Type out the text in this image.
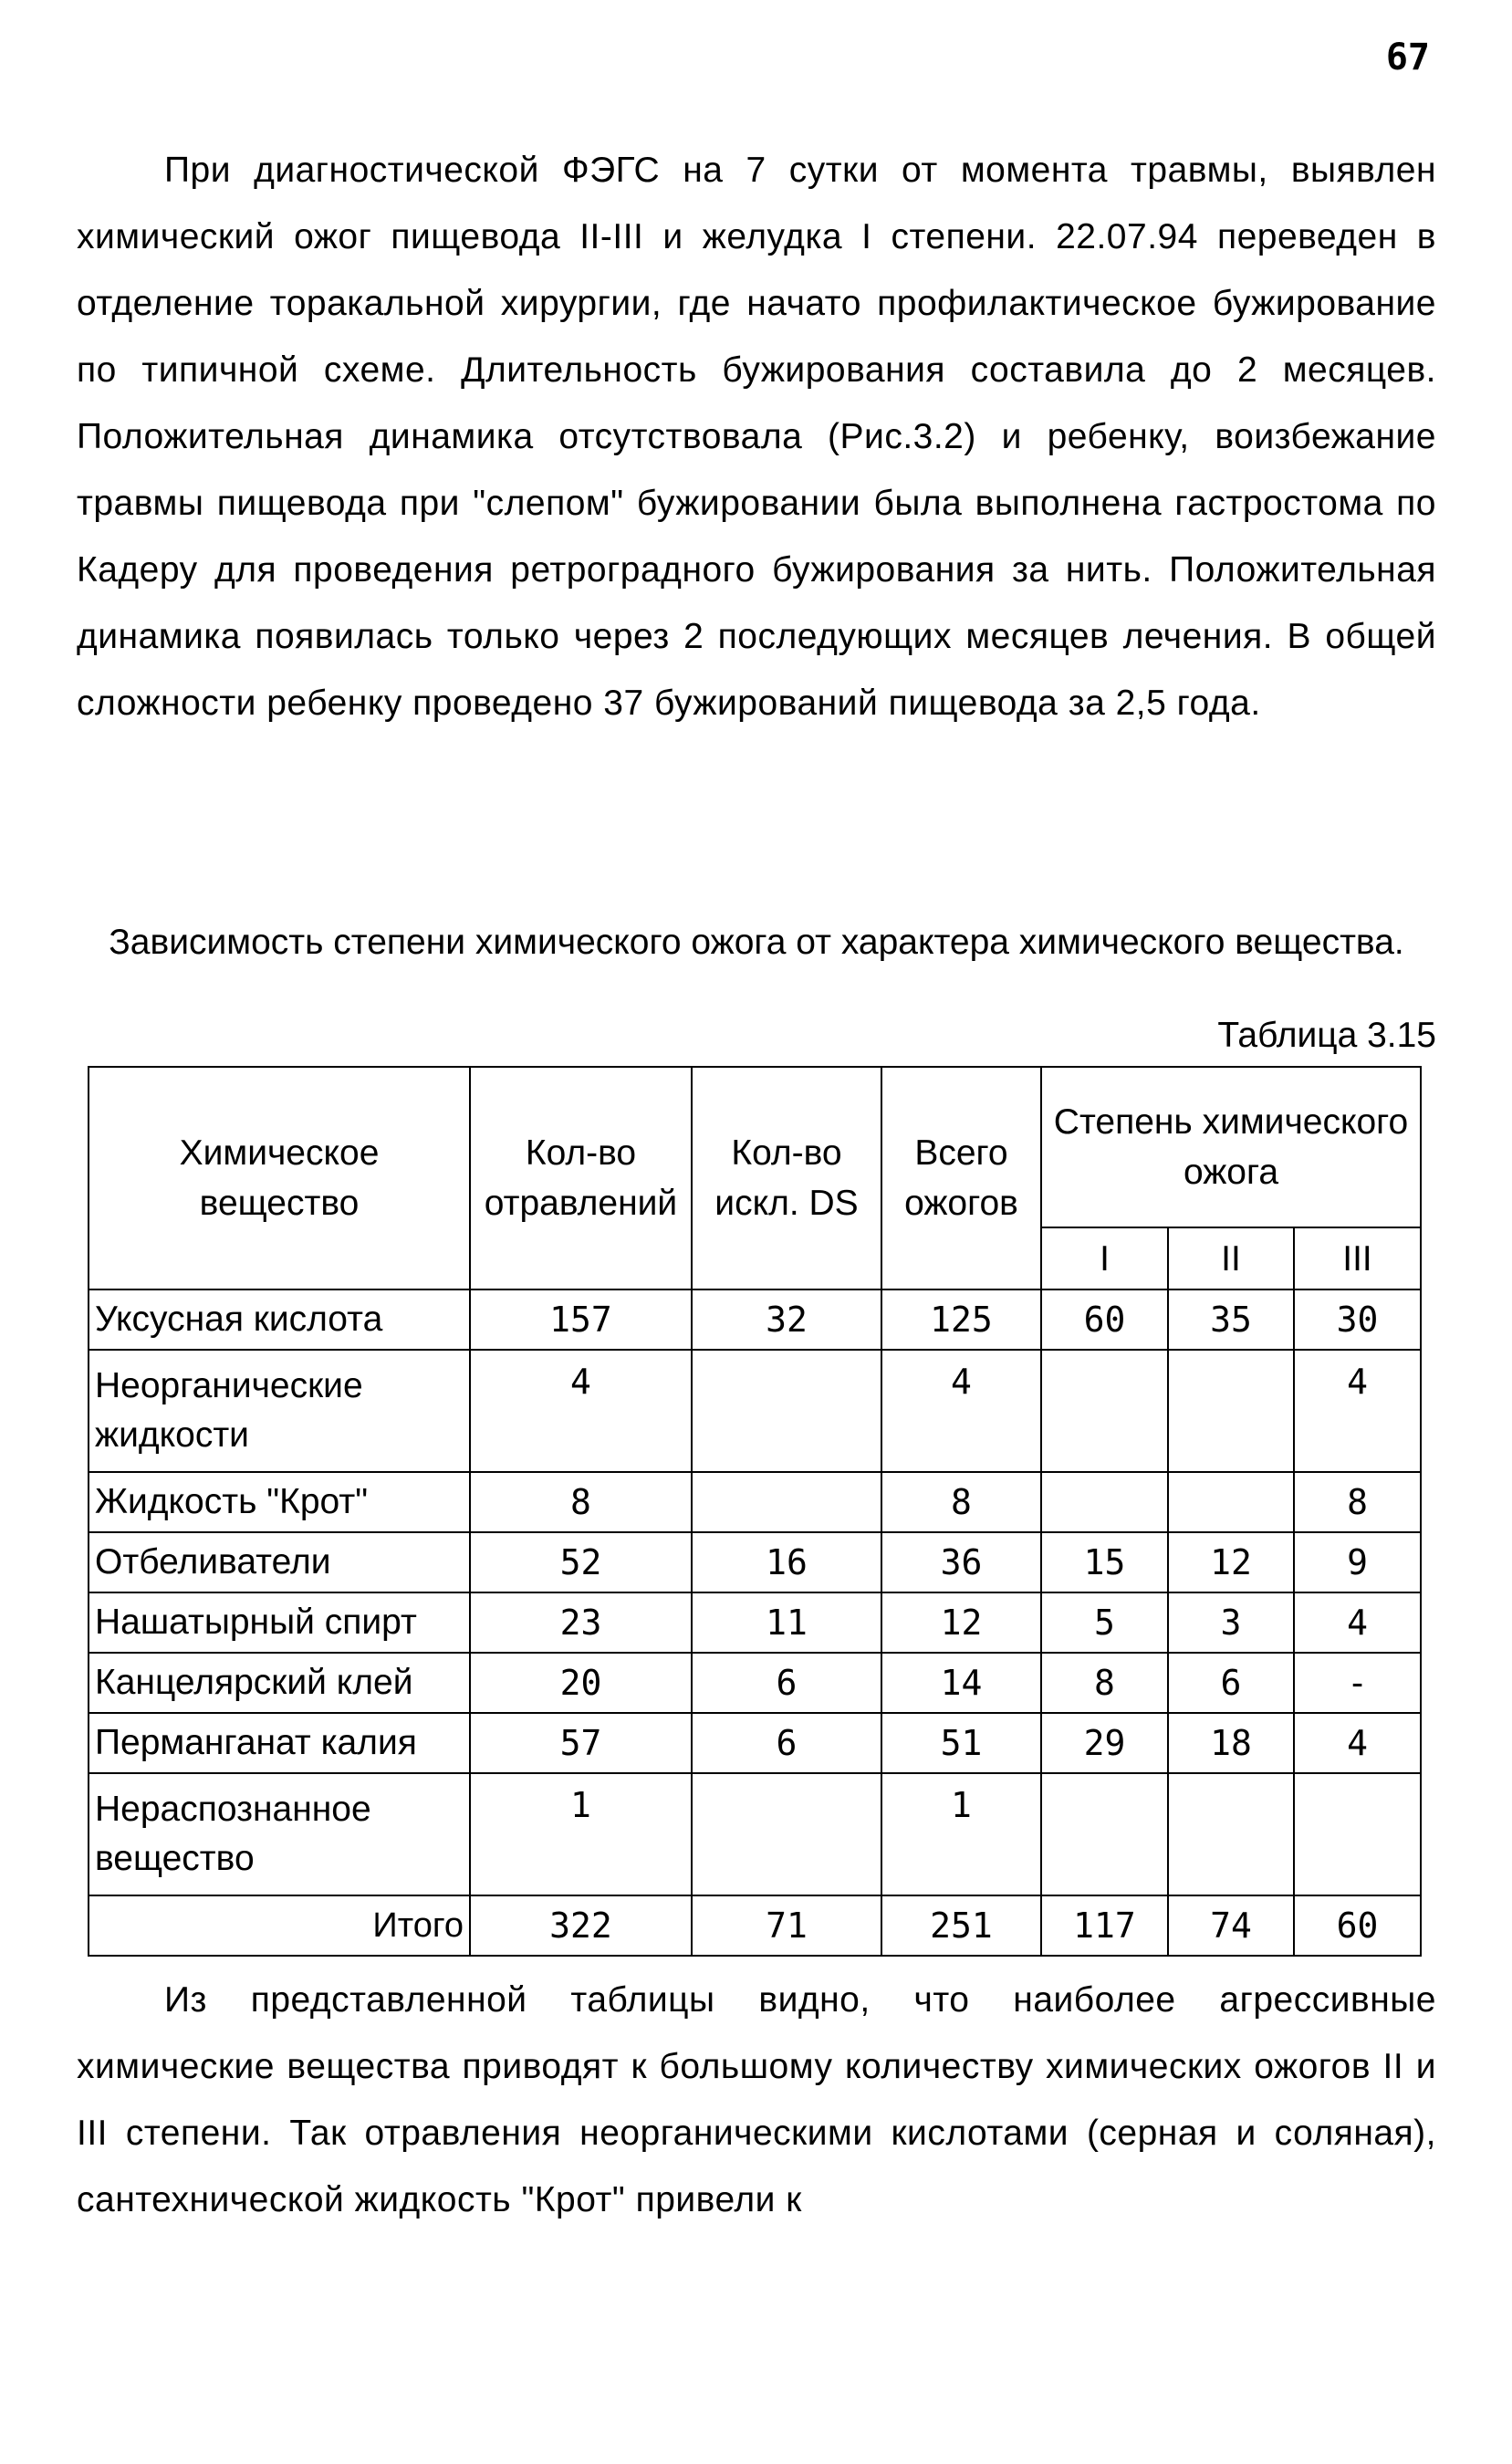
67

При диагностической ФЭГС на 7 сутки от момента травмы, выявлен химический ожог пищевода II-III и желудка I степени. 22.07.94 переведен в отделение торакальной хирургии, где начато профилактическое бужирование по типичной схеме. Длительность бужирования составила до 2 месяцев. Положительная динамика отсутствовала (Рис.3.2) и ребенку, воизбежание травмы пищевода при "слепом" бужировании была выполнена гастростома по Кадеру для проведения ретроградного бужирования за нить. Положительная динамика появилась только через 2 последующих месяцев лечения. В общей сложности ребенку проведено 37 бужирований пищевода за 2,5 года.

Зависимость степени химического ожога от характера химического вещества.
Таблица 3.15
Химическое вещество	Кол-во отравлений	Кол-во искл. DS	Всего ожогов	Степень химического ожога		
				I	II	III
Уксусная кислота	157	32	125	60	35	30
Неорганические жидкости	4		4			4
Жидкость "Крот"	8		8			8
Отбеливатели	52	16	36	15	12	9
Нашатырный спирт	23	11	12	5	3	4
Канцелярский клей	20	6	14	8	6	-
Перманганат калия	57	6	51	29	18	4
Нераспознанное вещество	1		1			
Итого	322	71	251	117	74	60

Из представленной таблицы видно, что наиболее агрессивные химические вещества приводят к большому количеству химических ожогов II и III степени. Так отравления неорганическими кислотами (серная и соляная), сантехнической жидкость "Крот" привели к
